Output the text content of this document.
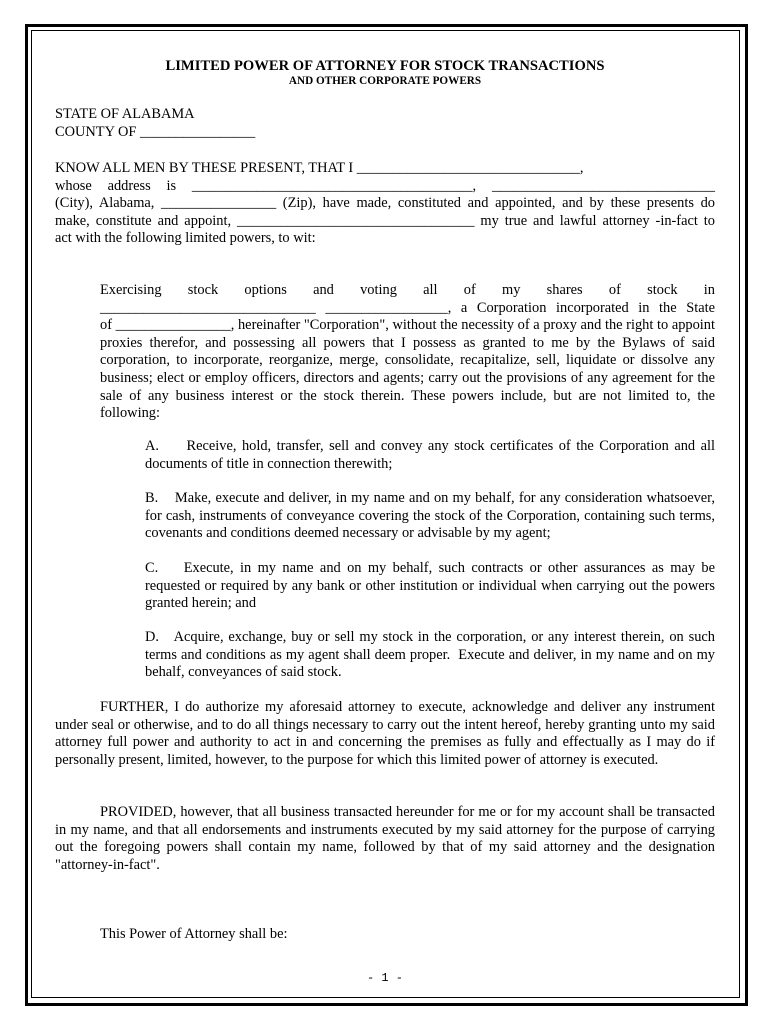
LIMITED POWER OF ATTORNEY FOR STOCK TRANSACTIONS
AND OTHER CORPORATE POWERS
STATE OF ALABAMA
COUNTY OF ________________
KNOW ALL MEN BY THESE PRESENT, THAT I _______________________________,
whose address is _______________________________________, _______________________________
(City), Alabama, ________________ (Zip), have made, constituted and appointed, and by these presents do
make, constitute and appoint, _________________________________ my true and lawful attorney -in-fact to
act with the following limited powers, to wit:
Exercising stock options and voting all of my shares of stock in
______________________________ _________________, a Corporation incorporated in the State

of ________________, hereinafter "Corporation", without the necessity of a proxy and the right to appoint proxies therefor, and possessing all powers that I possess as granted to me by the Bylaws of said corporation, to incorporate, reorganize, merge, consolidate, recapitalize, sell, liquidate or dissolve any business; elect or employ officers, directors and agents; carry out the provisions of any agreement for the sale of any business interest or the stock therein. These powers include, but are not limited to, the following:

A.     Receive, hold, transfer, sell and convey any stock certificates of the Corporation and all documents of title in connection therewith;
B.    Make, execute and deliver, in my name and on my behalf, for any consideration whatsoever, for cash, instruments of conveyance covering the stock of the Corporation, containing such terms, covenants and conditions deemed necessary or advisable by my agent;
C.    Execute, in my name and on my behalf, such contracts or other assurances as may be requested or required by any bank or other institution or individual when carrying out the powers granted herein; and
D.   Acquire, exchange, buy or sell my stock in the corporation, or any interest therein, on such terms and conditions as my agent shall deem proper.  Execute and deliver, in my name and on my behalf, conveyances of said stock.
FURTHER, I do authorize my aforesaid attorney to execute, acknowledge and deliver any instrument under seal or otherwise, and to do all things necessary to carry out the intent hereof, hereby granting unto my said attorney full power and authority to act in and concerning the premises as fully and effectually as I may do if personally present, limited, however, to the purpose for which this limited power of attorney is executed.
PROVIDED, however, that all business transacted hereunder for me or for my account shall be transacted in my name, and that all endorsements and instruments executed by my said attorney for the purpose of carrying out the foregoing powers shall contain my name, followed by that of my said attorney and the designation "attorney-in-fact".
This Power of Attorney shall be:
- 1 -
